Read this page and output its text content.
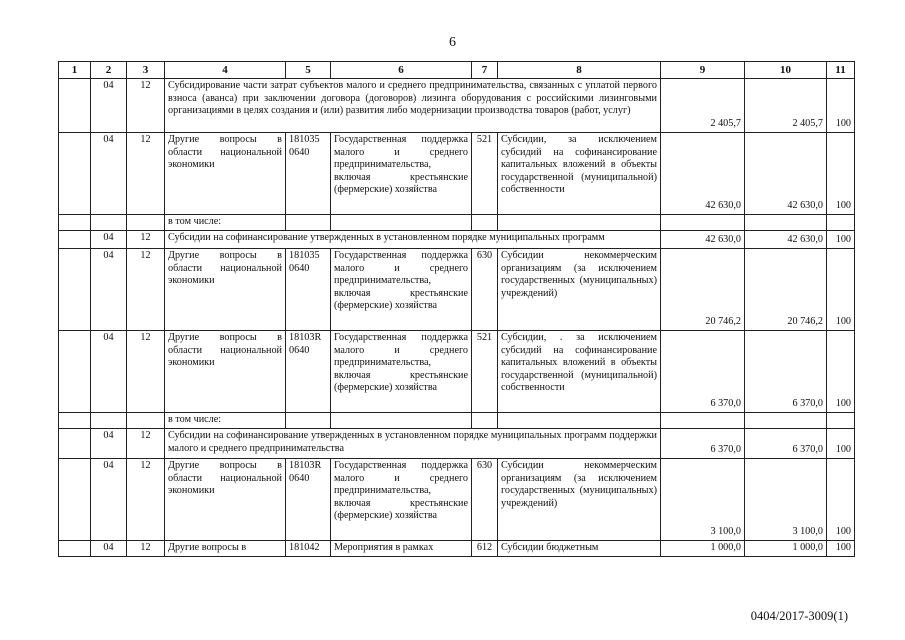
6
1	2	3	4	5	6	7	8	9	10	11
	04	12	Субсидирование части затрат субъектов малого и среднего предпринимательства, связанных с уплатой первого взноса (аванса) при заключении договора (договоров) лизинга оборудования с российскими лизинговыми организациями в целях создания и (или) развития либо модернизации производства товаров (работ, услуг)					2 405,7	2 405,7	100
	04	12	Другие вопросы в области национальной экономики	181035 0640	Государственная поддержка малого и среднего предпринимательства, включая крестьянские (фермерские) хозяйства	521	Субсидии, за исключением субсидий на софинансирование капитальных вложений в объекты государственной (муниципальной) собственности	42 630,0	42 630,0	100
			в том числе:							
	04	12	Субсидии на софинансирование утвержденных в установленном порядке муниципальных программ					42 630,0	42 630,0	100
	04	12	Другие вопросы в области национальной экономики	181035 0640	Государственная поддержка малого и среднего предпринимательства, включая крестьянские (фермерские) хозяйства	630	Субсидии некоммерческим организациям (за исключением государственных (муниципальных) учреждений)	20 746,2	20 746,2	100
	04	12	Другие вопросы в области национальной экономики	18103R 0640	Государственная поддержка малого и среднего предпринимательства, включая крестьянские (фермерские) хозяйства	521	Субсидии, . за исключением субсидий на софинансирование капитальных вложений в объекты государственной (муниципальной) собственности	6 370,0	6 370,0	100
			в том числе:							
	04	12	Субсидии на софинансирование утвержденных в установленном порядке муниципальных программ поддержки малого и среднего предпринимательства					6 370,0	6 370,0	100
	04	12	Другие вопросы в области национальной экономики	18103R 0640	Государственная поддержка малого и среднего предпринимательства, включая крестьянские (фермерские) хозяйства	630	Субсидии некоммерческим организациям (за исключением государственных (муниципальных) учреждений)	3 100,0	3 100,0	100
	04	12	Другие вопросы в	181042	Мероприятия в рамках	612	Субсидии бюджетным	1 000,0	1 000,0	100
0404/2017-3009(1)
